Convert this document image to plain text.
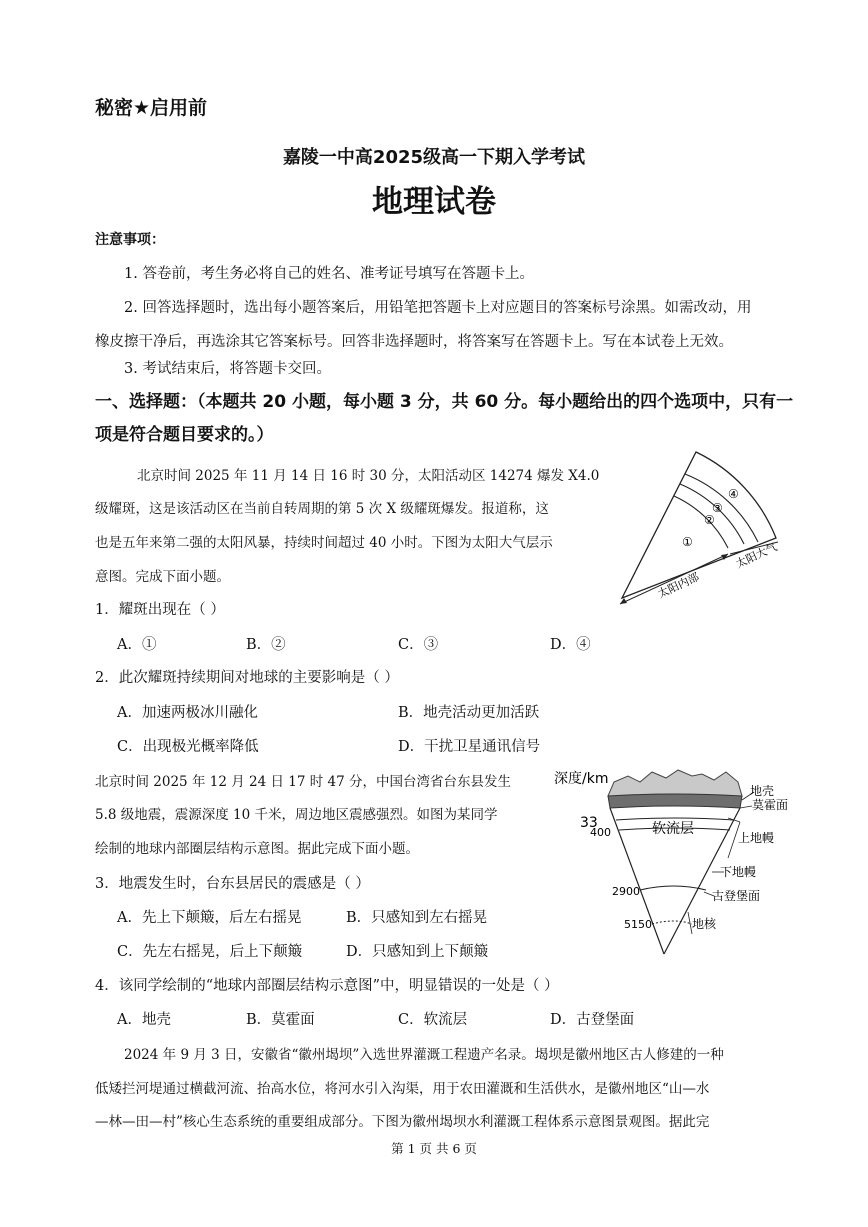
秘密★启用前
嘉陵一中高2025级高一下期入学考试
地理试卷
注意事项：
1. 答卷前，考生务必将自己的姓名、准考证号填写在答题卡上。
2. 回答选择题时，选出每小题答案后，用铅笔把答题卡上对应题目的答案标号涂黑。如需改动，用
橡皮擦干净后，再选涂其它答案标号。回答非选择题时，将答案写在答题卡上。写在本试卷上无效。
3. 考试结束后，将答题卡交回。
一、选择题：（本题共 20 小题，每小题 3 分，共 60 分。每小题给出的四个选项中，只有一
项是符合题目要求的。）
北京时间 2025 年 11 月 14 日 16 时 30 分，太阳活动区 14274 爆发 X4.0
级耀斑，这是该活动区在当前自转周期的第 5 次 X 级耀斑爆发。报道称，这
也是五年来第二强的太阳风暴，持续时间超过 40 小时。下图为太阳大气层示
意图。完成下面小题。
①
②
③
④
太阳内部
太阳大气
1．耀斑出现在（ ）
A．①	B．②	C．③	D．④
2．此次耀斑持续期间对地球的主要影响是（ ）
A．加速两极冰川融化	B．地壳活动更加活跃
C．出现极光概率降低	D．干扰卫星通讯信号
北京时间 2025 年 12 月 24 日 17 时 47 分，中国台湾省台东县发生
5.8 级地震，震源深度 10 千米，周边地区震感强烈。如图为某同学
绘制的地球内部圈层结构示意图。据此完成下面小题。
深度/km
33
400
2900
5150
软流层
地壳
莫霍面
上地幔
下地幔
古登堡面
地核
3．地震发生时，台东县居民的震感是（ ）
A．先上下颠簸，后左右摇晃	B．只感知到左右摇晃
C．先左右摇晃，后上下颠簸	D．只感知到上下颠簸
4．该同学绘制的“地球内部圈层结构示意图”中，明显错误的一处是（ ）
A．地壳	B．莫霍面	C．软流层	D．古登堡面
2024 年 9 月 3 日，安徽省“徽州堨坝”入选世界灌溉工程遗产名录。堨坝是徽州地区古人修建的一种
低矮拦河堤通过横截河流、抬高水位，将河水引入沟渠，用于农田灌溉和生活供水，是徽州地区“山—水
—林—田—村”核心生态系统的重要组成部分。下图为徽州堨坝水利灌溉工程体系示意图景观图。据此完
第 1 页 共 6 页
